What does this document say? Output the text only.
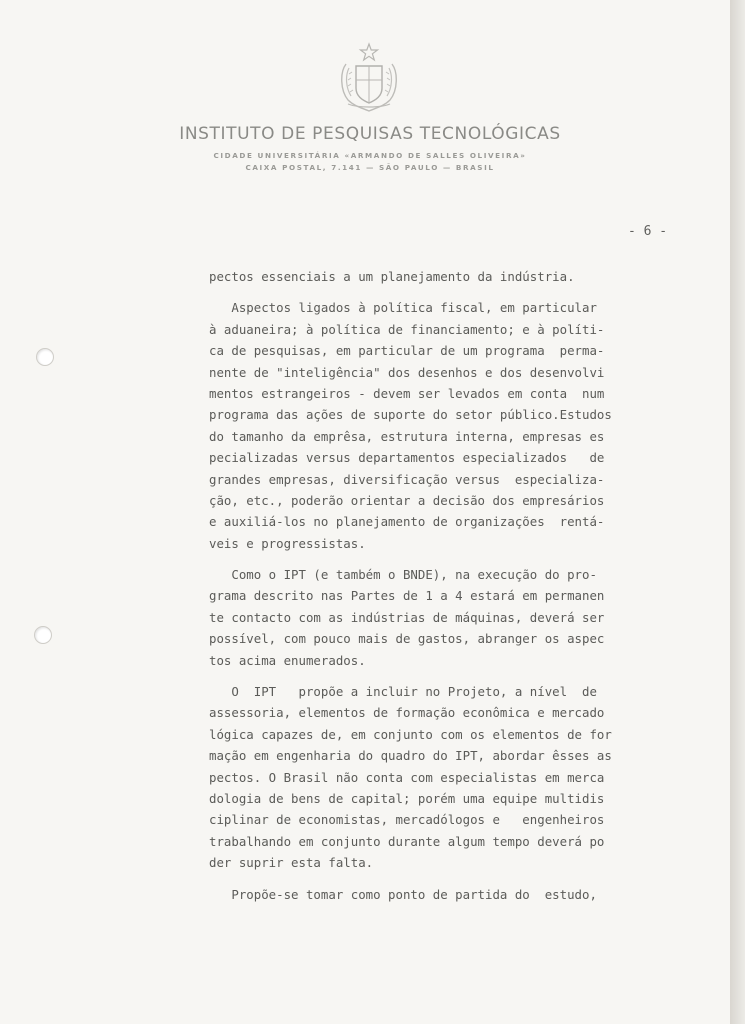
INSTITUTO DE PESQUISAS TECNOLÓGICAS
CIDADE UNIVERSITÁRIA «ARMANDO DE SALLES OLIVEIRA»
CAIXA POSTAL, 7.141 — SÃO PAULO — BRASIL
- 6 -
pectos essenciais a um planejamento da indústria.
Aspectos ligados à política fiscal, em particular
à aduaneira; à política de financiamento; e à políti-
ca de pesquisas, em particular de um programa  perma-
nente de "inteligência" dos desenhos e dos desenvolvi
mentos estrangeiros - devem ser levados em conta  num
programa das ações de suporte do setor público.Estudos
do tamanho da emprêsa, estrutura interna, empresas es
pecializadas versus departamentos especializados   de
grandes empresas, diversificação versus  especializa-
ção, etc., poderão orientar a decisão dos empresários
e auxiliá-los no planejamento de organizações  rentá-
veis e progressistas.
Como o IPT (e também o BNDE), na execução do pro-
grama descrito nas Partes de 1 a 4 estará em permanen
te contacto com as indústrias de máquinas, deverá ser
possível, com pouco mais de gastos, abranger os aspec
tos acima enumerados.
O  IPT   propõe a incluir no Projeto, a nível  de
assessoria, elementos de formação econômica e mercado
lógica capazes de, em conjunto com os elementos de for
mação em engenharia do quadro do IPT, abordar êsses as
pectos. O Brasil não conta com especialistas em merca
dologia de bens de capital; porém uma equipe multidis
ciplinar de economistas, mercadólogos e   engenheiros
trabalhando em conjunto durante algum tempo deverá po
der suprir esta falta.
Propõe-se tomar como ponto de partida do  estudo,
